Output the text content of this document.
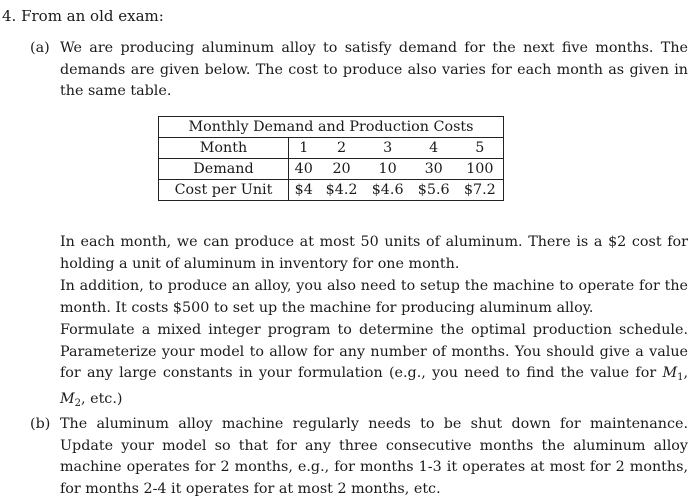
4. From an old exam:
(a) We are producing aluminum alloy to satisfy demand for the next five months. The demands are given below. The cost to produce also varies for each month as given in the same table.
Monthly Demand and Production Costs					
Month	1	2	3	4	5
Demand	40	20	10	30	100
Cost per Unit	$4	$4.2	$4.6	$5.6	$7.2
In each month, we can produce at most 50 units of aluminum. There is a $2 cost for holding a unit of aluminum in inventory for one month.
In addition, to produce an alloy, you also need to setup the machine to operate for the month. It costs $500 to set up the machine for producing aluminum alloy.
Formulate a mixed integer program to determine the optimal production schedule. Parameterize your model to allow for any number of months. You should give a value for any large constants in your formulation (e.g., you need to find the value for $M_1$, $M_2$, etc.)
(b) The aluminum alloy machine regularly needs to be shut down for maintenance. Update your model so that for any three consecutive months the aluminum alloy machine operates for 2 months, e.g., for months 1-3 it operates at most for 2 months, for months 2-4 it operates for at most 2 months, etc.
